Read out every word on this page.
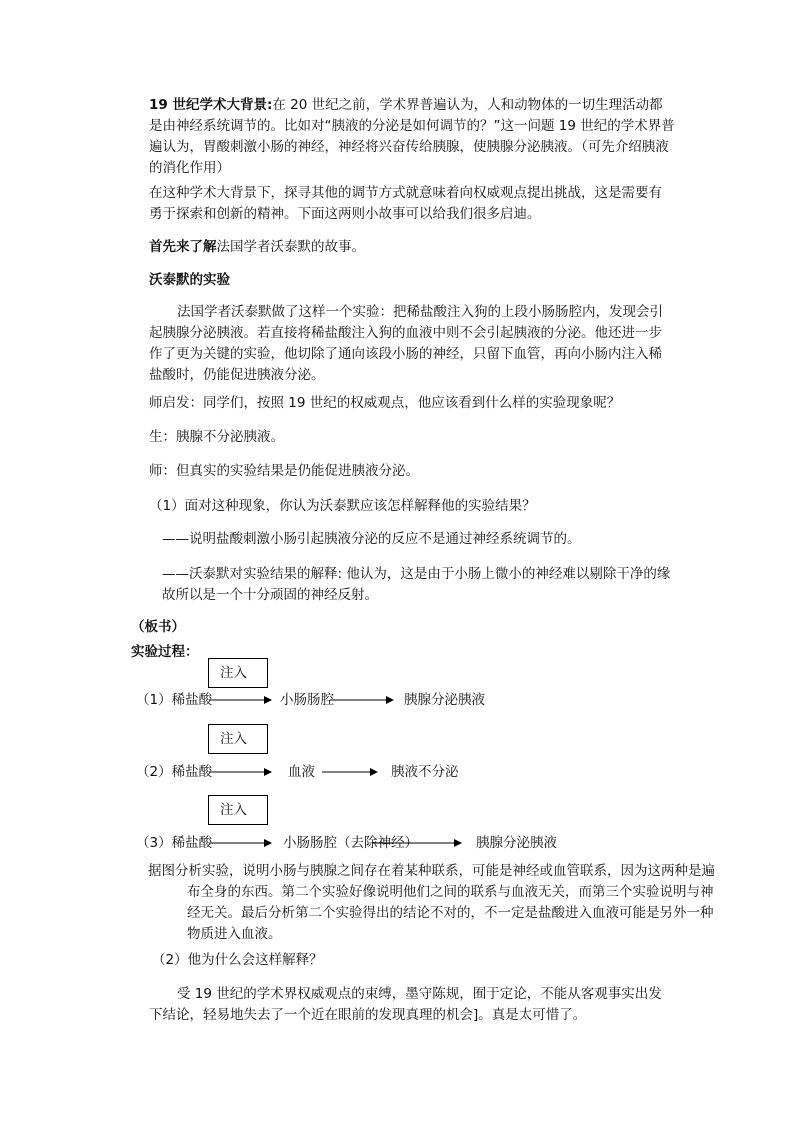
19 世纪学术大背景:在 20 世纪之前，学术界普遍认为，人和动物体的一切生理活动都是由神经系统调节的。比如对“胰液的分泌是如何调节的？”这一问题 19 世纪的学术界普遍认为，胃酸刺激小肠的神经，神经将兴奋传给胰腺，使胰腺分泌胰液。（可先介绍胰液的消化作用）

在这种学术大背景下，探寻其他的调节方式就意味着向权威观点提出挑战，这是需要有勇于探索和创新的精神。下面这两则小故事可以给我们很多启迪。

首先来了解法国学者沃泰默的故事。

沃泰默的实验

法国学者沃泰默做了这样一个实验：把稀盐酸注入狗的上段小肠肠腔内，发现会引起胰腺分泌胰液。若直接将稀盐酸注入狗的血液中则不会引起胰液的分泌。他还进一步作了更为关键的实验，他切除了通向该段小肠的神经，只留下血管，再向小肠内注入稀盐酸时，仍能促进胰液分泌。

师启发：同学们，按照 19 世纪的权威观点，他应该看到什么样的实验现象呢？

生：胰腺不分泌胰液。

师：但真实的实验结果是仍能促进胰液分泌。

（1）面对这种现象，你认为沃泰默应该怎样解释他的实验结果？

——说明盐酸刺激小肠引起胰液分泌的反应不是通过神经系统调节的。

——沃泰默对实验结果的解释: 他认为，这是由于小肠上微小的神经难以剔除干净的缘故所以是一个十分顽固的神经反射。

（板书）
实验过程：
注入
（1）稀盐酸	小肠肠腔	胰腺分泌胰液
注入
（2）稀盐酸	血液	胰液不分泌
注入
（3）稀盐酸	小肠肠腔（去除神经）	胰腺分泌胰液

据图分析实验，说明小肠与胰腺之间存在着某种联系，可能是神经或血管联系，因为这两种是遍布全身的东西。第二个实验好像说明他们之间的联系与血液无关，而第三个实验说明与神经无关。最后分析第二个实验得出的结论不对的，不一定是盐酸进入血液可能是另外一种物质进入血液。

（2）他为什么会这样解释？

受 19 世纪的学术界权威观点的束缚，墨守陈规，囿于定论，不能从客观事实出发下结论，轻易地失去了一个近在眼前的发现真理的机会]。真是太可惜了。
